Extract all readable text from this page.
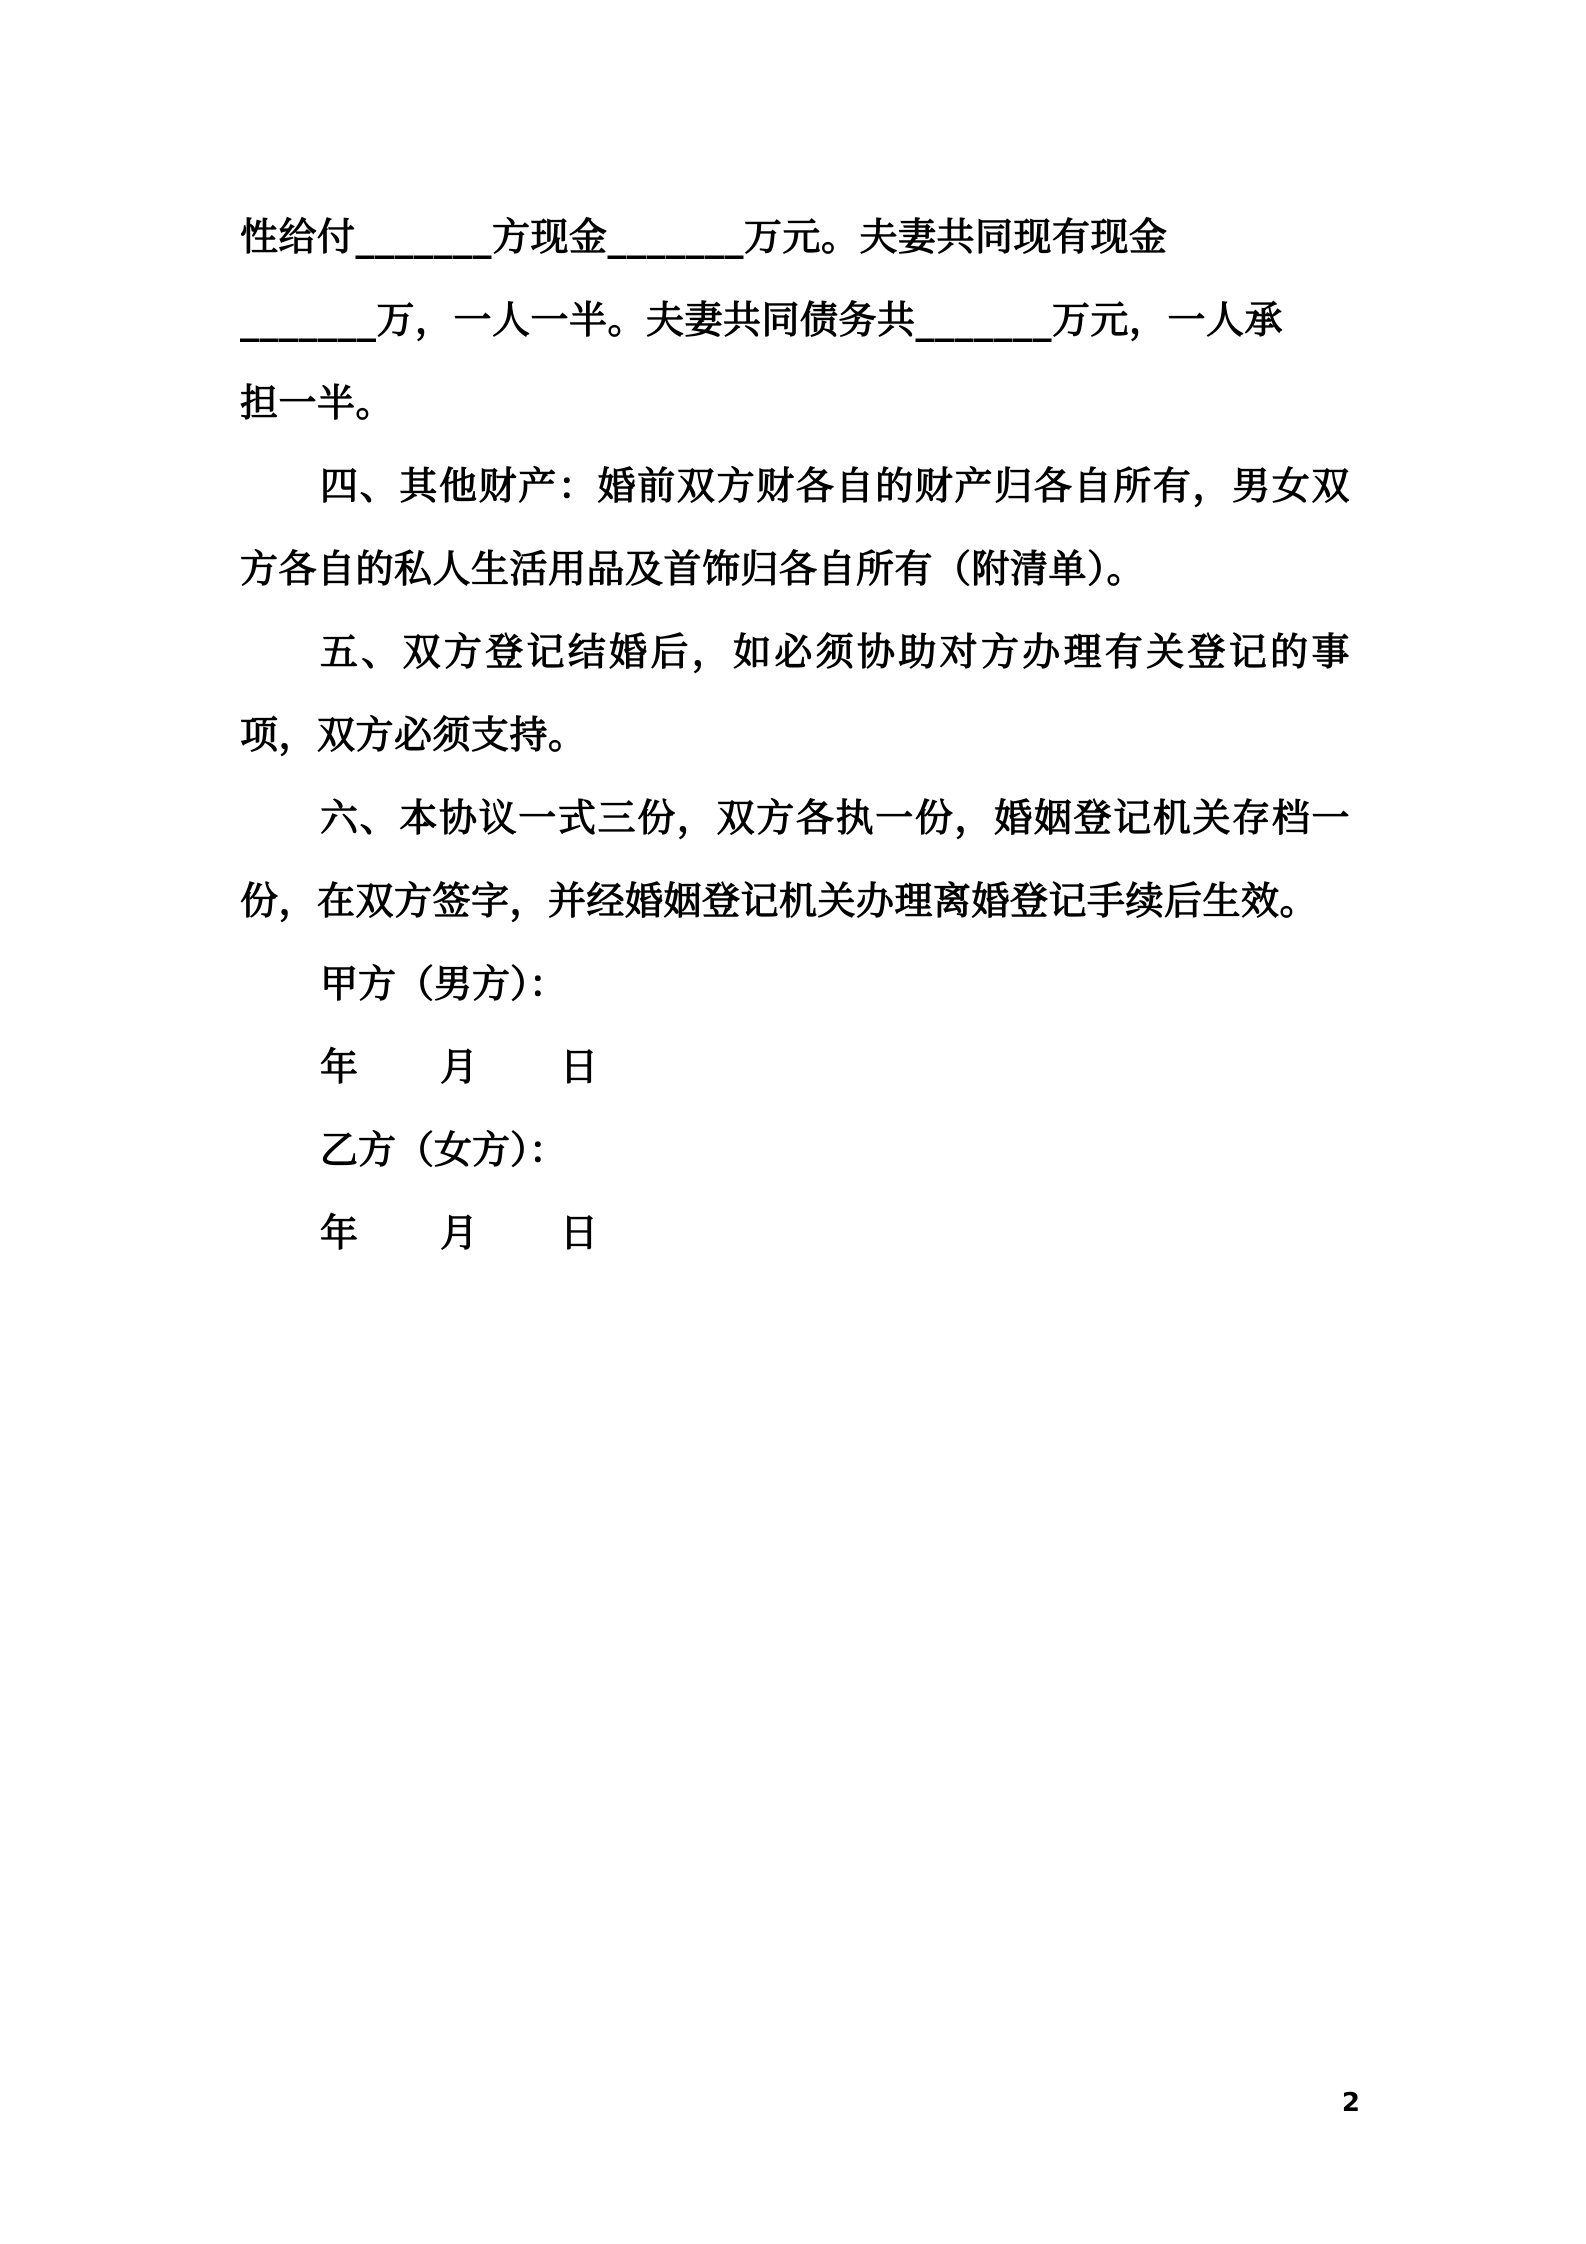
性给付_______方现金_______万元。夫妻共同现有现金

_______万，一人一半。夫妻共同债务共_______万元，一人承

担一半。

四、其他财产：婚前双方财各自的财产归各自所有，男女双方各自的私人生活用品及首饰归各自所有（附清单）。

五、双方登记结婚后，如必须协助对方办理有关登记的事项，双方必须支持。

六、本协议一式三份，双方各执一份，婚姻登记机关存档一份，在双方签字，并经婚姻登记机关办理离婚登记手续后生效。

甲方（男方）：

年 月 日

乙方（女方）：

年 月 日

2
